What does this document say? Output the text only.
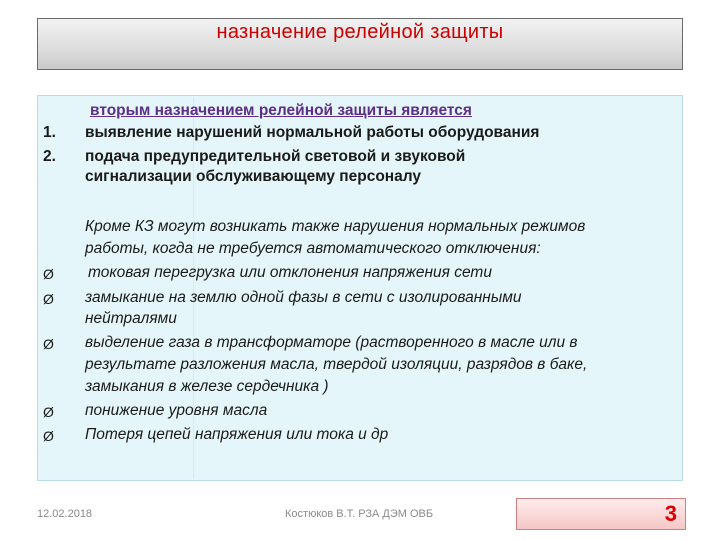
назначение релейной защиты
вторым назначением релейной защиты является
1. выявление нарушений нормальной работы оборудования
2. подача предупредительной световой и звуковой
сигнализации обслуживающему персоналу
Кроме КЗ могут возникать также нарушения нормальных режимов
работы, когда не требуется автоматического отключения:
Ø токовая перегрузка или отклонения напряжения сети
Ø замыкание на землю одной фазы в сети с изолированными
нейтралями
Ø выделение газа в трансформаторе (растворенного в масле или в
результате разложения масла, твердой изоляции, разрядов в баке,
замыкания в железе сердечника )
Ø понижение уровня масла
Ø Потеря цепей напряжения или тока и др
12.02.2018	Костюков В.Т. РЗА ДЭМ ОВБ	3
